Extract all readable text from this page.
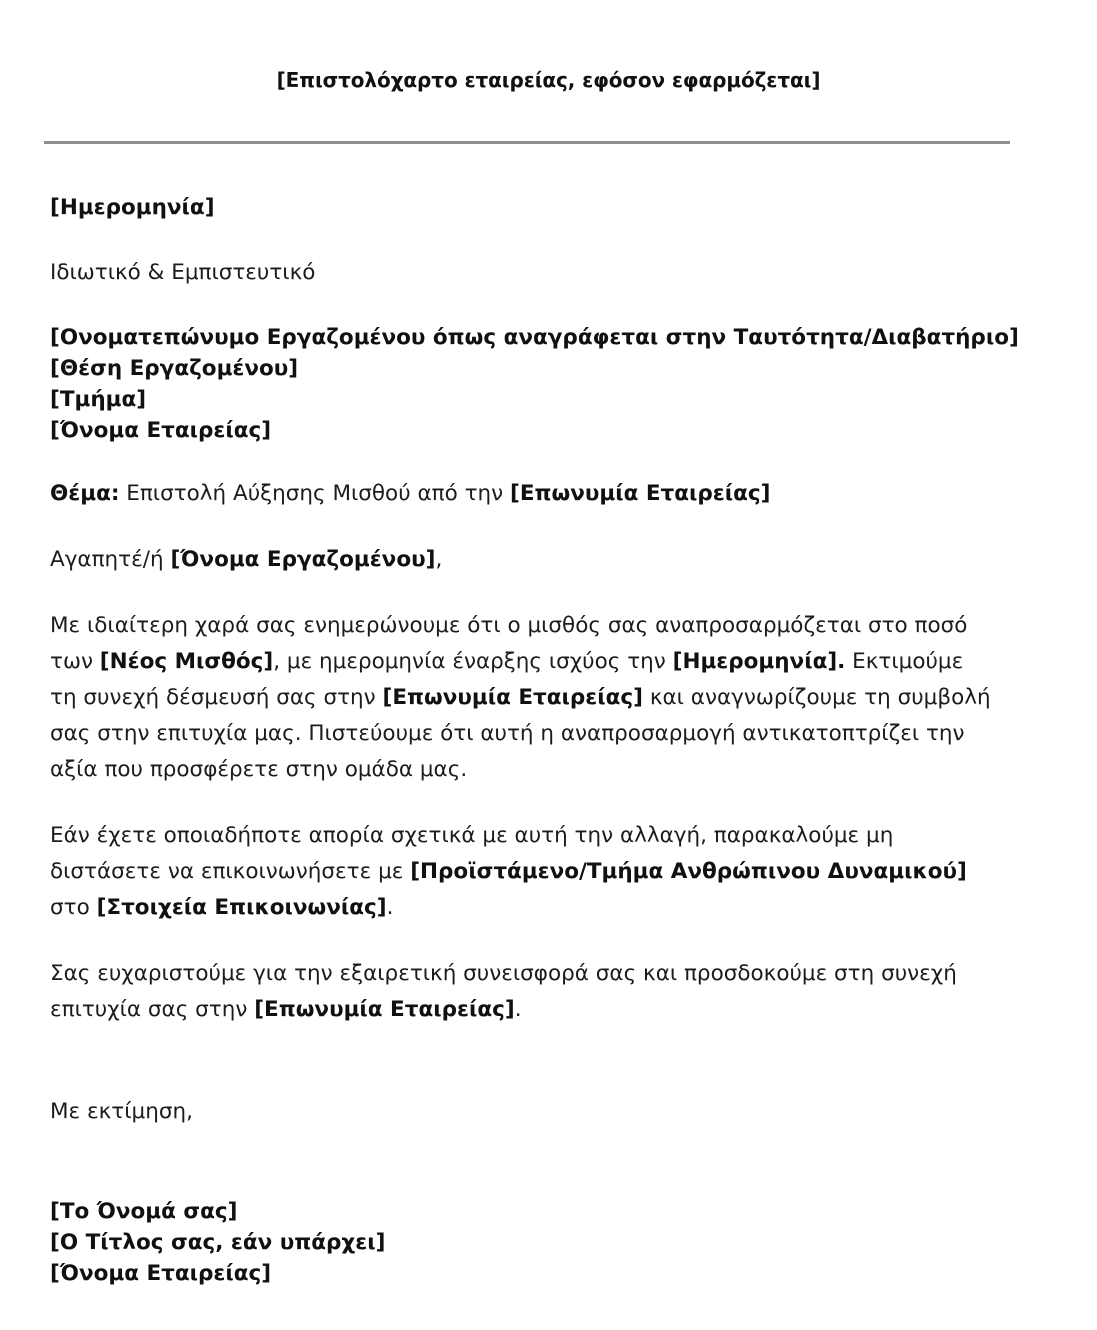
[Επιστολόχαρτο εταιρείας, εφόσον εφαρμόζεται]
[Ημερομηνία]
Ιδιωτικό & Εμπιστευτικό
[Ονοματεπώνυμο Εργαζομένου όπως αναγράφεται στην Ταυτότητα/Διαβατήριο]
[Θέση Εργαζομένου]
[Τμήμα]
[Όνομα Εταιρείας]
Θέμα: Επιστολή Αύξησης Μισθού από την [Επωνυμία Εταιρείας]
Αγαπητέ/ή [Όνομα Εργαζομένου],
Με ιδιαίτερη χαρά σας ενημερώνουμε ότι ο μισθός σας αναπροσαρμόζεται στο ποσό των [Νέος Μισθός], με ημερομηνία έναρξης ισχύος την [Ημερομηνία]. Εκτιμούμε τη συνεχή δέσμευσή σας στην [Επωνυμία Εταιρείας] και αναγνωρίζουμε τη συμβολή σας στην επιτυχία μας. Πιστεύουμε ότι αυτή η αναπροσαρμογή αντικατοπτρίζει την αξία που προσφέρετε στην ομάδα μας.
Εάν έχετε οποιαδήποτε απορία σχετικά με αυτή την αλλαγή, παρακαλούμε μη διστάσετε να επικοινωνήσετε με [Προϊστάμενο/Τμήμα Ανθρώπινου Δυναμικού] στο [Στοιχεία Επικοινωνίας].
Σας ευχαριστούμε για την εξαιρετική συνεισφορά σας και προσδοκούμε στη συνεχή επιτυχία σας στην [Επωνυμία Εταιρείας].
Με εκτίμηση,
[Το Όνομά σας]
[Ο Τίτλος σας, εάν υπάρχει]
[Όνομα Εταιρείας]
